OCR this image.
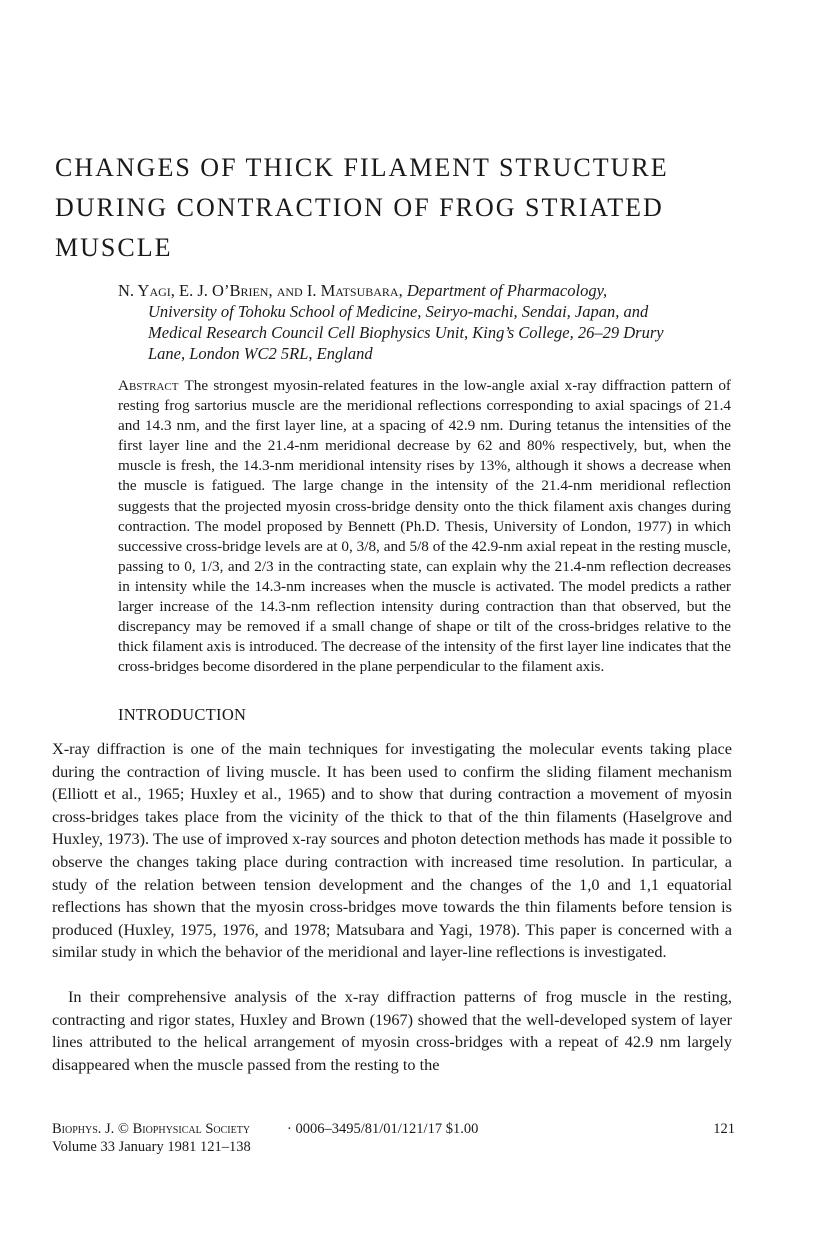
CHANGES OF THICK FILAMENT STRUCTURE
DURING CONTRACTION OF FROG STRIATED
MUSCLE
N. Yagi, E. J. O’Brien, and I. Matsubara, Department of Pharmacology,
University of Tohoku School of Medicine, Seiryo-machi, Sendai, Japan, and
Medical Research Council Cell Biophysics Unit, King’s College, 26–29 Drury
Lane, London WC2 5RL, England
Abstract The strongest myosin-related features in the low-angle axial x-ray diffraction pattern of resting frog sartorius muscle are the meridional reflections corresponding to axial spacings of 21.4 and 14.3 nm, and the first layer line, at a spacing of 42.9 nm. During tetanus the intensities of the first layer line and the 21.4-nm meridional decrease by 62 and 80% respectively, but, when the muscle is fresh, the 14.3-nm meridional intensity rises by 13%, although it shows a decrease when the muscle is fatigued. The large change in the intensity of the 21.4-nm meridional reflection suggests that the projected myosin cross-bridge density onto the thick filament axis changes during contraction. The model proposed by Bennett (Ph.D. Thesis, University of London, 1977) in which successive cross-bridge levels are at 0, 3/8, and 5/8 of the 42.9-nm axial repeat in the resting muscle, passing to 0, 1/3, and 2/3 in the contracting state, can explain why the 21.4-nm reflection decreases in intensity while the 14.3-nm increases when the muscle is activated. The model predicts a rather larger increase of the 14.3-nm reflection intensity during contraction than that observed, but the discrepancy may be removed if a small change of shape or tilt of the cross-bridges relative to the thick filament axis is introduced. The decrease of the intensity of the first layer line indicates that the cross-bridges become disordered in the plane perpendicular to the filament axis.
INTRODUCTION
X-ray diffraction is one of the main techniques for investigating the molecular events taking place during the contraction of living muscle. It has been used to confirm the sliding filament mechanism (Elliott et al., 1965; Huxley et al., 1965) and to show that during contraction a movement of myosin cross-bridges takes place from the vicinity of the thick to that of the thin filaments (Haselgrove and Huxley, 1973). The use of improved x-ray sources and photon detection methods has made it possible to observe the changes taking place during contraction with increased time resolution. In particular, a study of the relation between tension development and the changes of the 1,0 and 1,1 equatorial reflections has shown that the myosin cross-bridges move towards the thin filaments before tension is produced (Huxley, 1975, 1976, and 1978; Matsubara and Yagi, 1978). This paper is concerned with a similar study in which the behavior of the meridional and layer-line reflections is investigated.
In their comprehensive analysis of the x-ray diffraction patterns of frog muscle in the resting, contracting and rigor states, Huxley and Brown (1967) showed that the well-developed system of layer lines attributed to the helical arrangement of myosin cross-bridges with a repeat of 42.9 nm largely disappeared when the muscle passed from the resting to the
Biophys. J. © Biophysical Society	· 0006–3495/81/01/121/17 $1.00	121
Volume 33 January 1981 121–138
